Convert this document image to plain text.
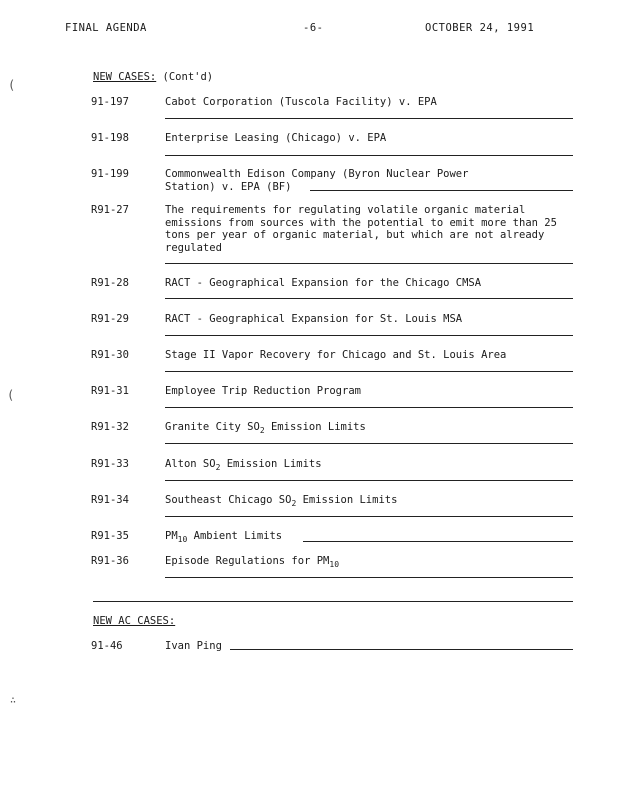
FINAL AGENDA	-6-	OCTOBER 24, 1991
NEW CASES: (Cont'd)
91-197	Cabot Corporation (Tuscola Facility) v. EPA
91-198	Enterprise Leasing (Chicago) v. EPA
91-199	Commonwealth Edison Company (Byron Nuclear Power Station) v. EPA (BF)
R91-27	The requirements for regulating volatile organic material emissions from sources with the potential to emit more than 25 tons per year of organic material, but which are not already regulated
R91-28	RACT - Geographical Expansion for the Chicago CMSA
R91-29	RACT - Geographical Expansion for St. Louis MSA
R91-30	Stage II Vapor Recovery for Chicago and St. Louis Area
R91-31	Employee Trip Reduction Program
R91-32	Granite City $SO_2$ Emission Limits
R91-33	Alton $SO_2$ Emission Limits
R91-34	Southeast Chicago $SO_2$ Emission Limits
R91-35	$PM_{10}$ Ambient Limits
R91-36	Episode Regulations for $PM_{10}$
NEW AC CASES:
91-46	Ivan Ping
(
(
∴
